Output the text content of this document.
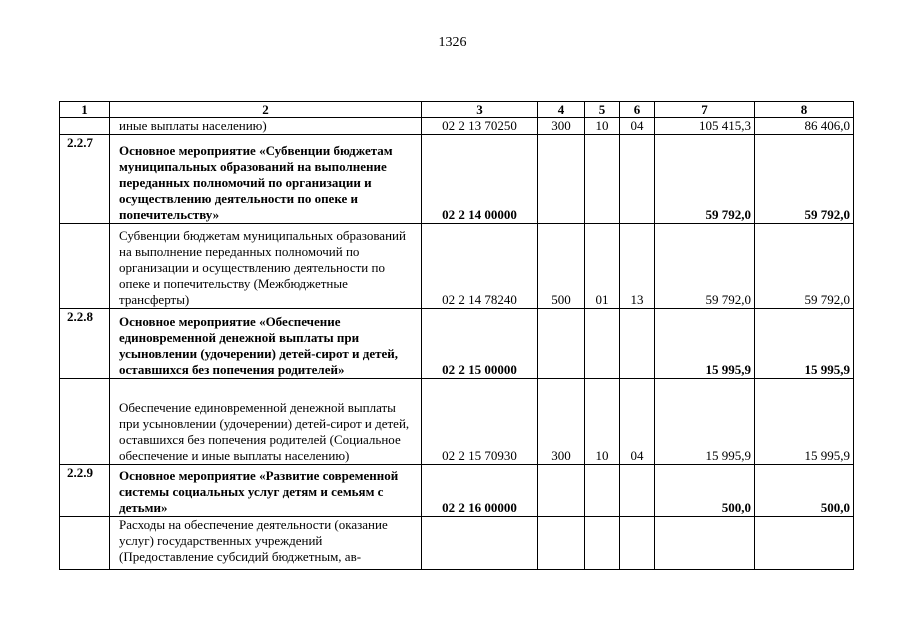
1326
1	2	3	4	5	6	7	8
	иные выплаты населению)	02 2 13 70250	300	10	04	105 415,3	86 406,0
2.2.7	Основное мероприятие «Субвенции бюджетам муниципальных образований на выполнение переданных полномочий по организации и осуществлению деятельности по опеке и попечительству»	02 2 14 00000				59 792,0	59 792,0
	Субвенции бюджетам муниципальных образований на выполнение переданных полномочий по организации и осуществлению деятельности по опеке и попечительству (Межбюджетные трансферты)	02 2 14 78240	500	01	13	59 792,0	59 792,0
2.2.8	Основное мероприятие «Обеспечение единовременной денежной выплаты при усыновлении (удочерении) детей-сирот и детей, оставшихся без попечения родителей»	02 2 15 00000				15 995,9	15 995,9
	Обеспечение единовременной денежной выплаты при усыновлении (удочерении) детей-сирот и детей, оставшихся без попечения родителей (Социальное обеспечение и иные выплаты населению)	02 2 15 70930	300	10	04	15 995,9	15 995,9
2.2.9	Основное мероприятие «Развитие современной системы социальных услуг детям и семьям с детьми»	02 2 16 00000				500,0	500,0
	Расходы на обеспечение деятельности (оказание услуг) государственных учреждений (Предоставление субсидий бюджетным, ав-						
